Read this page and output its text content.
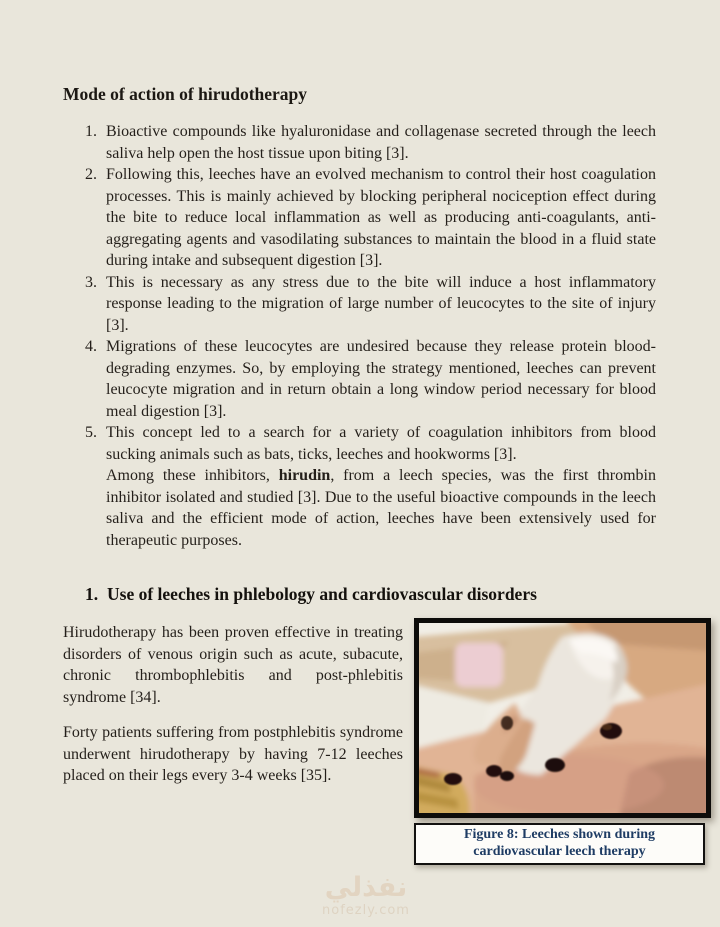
Mode of action of hirudotherapy
1. Bioactive compounds like hyaluronidase and collagenase secreted through the leech saliva help open the host tissue upon biting [3].

2. Following this, leeches have an evolved mechanism to control their host coagulation processes. This is mainly achieved by blocking peripheral nociception effect during the bite to reduce local inflammation as well as producing anti-coagulants, anti-aggregating agents and vasodilating substances to maintain the blood in a fluid state during intake and subsequent digestion [3].

3. This is necessary as any stress due to the bite will induce a host inflammatory response leading to the migration of large number of leucocytes to the site of injury [3].

4. Migrations of these leucocytes are undesired because they release protein blood-degrading enzymes. So, by employing the strategy mentioned, leeches can prevent leucocyte migration and in return obtain a long window period necessary for blood meal digestion [3].

5. This concept led to a search for a variety of coagulation inhibitors from blood sucking animals such as bats, ticks, leeches and hookworms [3].

Among these inhibitors, hirudin, from a leech species, was the first thrombin inhibitor isolated and studied [3]. Due to the useful bioactive compounds in the leech saliva and the efficient mode of action, leeches have been extensively used for therapeutic purposes.

1. Use of leeches in phlebology and cardiovascular disorders

Hirudotherapy has been proven effective in treating disorders of venous origin such as acute, subacute, chronic thrombophlebitis and post-phlebitis syndrome [34].

Forty patients suffering from postphlebitis syndrome underwent hirudotherapy by having 7-12 leeches placed on their legs every 3-4 weeks [35].

Figure 8: Leeches shown during
cardiovascular leech therapy
نفذلي
nofezly.com
